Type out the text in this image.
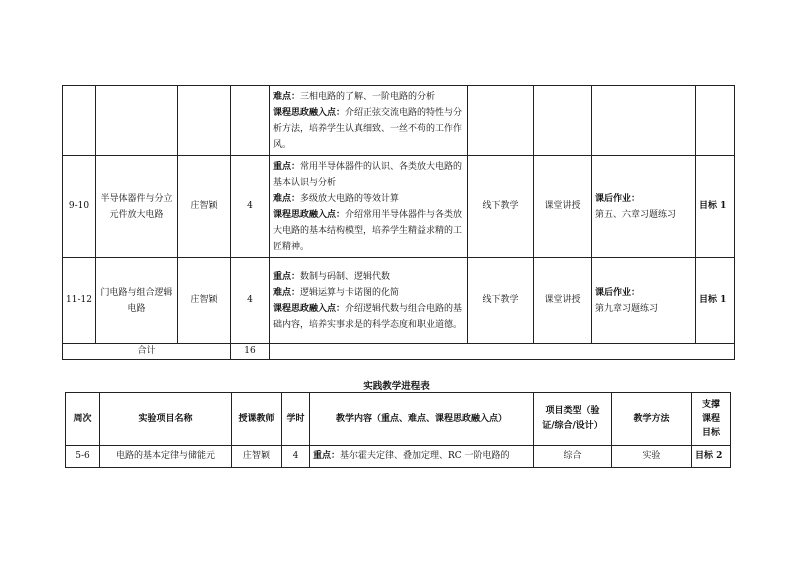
				难点：三相电路的了解、一阶电路的分析
课程思政融入点：介绍正弦交流电路的特性与分析方法，培养学生认真细致、一丝不苟的工作作风。				
9-10	半导体器件与分立元件放大电路	庄智颖	4	重点：常用半导体器件的认识、各类放大电路的基本认识与分析
难点：多级放大电路的等效计算
课程思政融入点：介绍常用半导体器件与各类放大电路的基本结构模型，培养学生精益求精的工匠精神。	线下教学	课堂讲授	课后作业：
第五、六章习题练习	目标 1
11-12	门电路与组合逻辑电路	庄智颖	4	重点：数制与码制、逻辑代数
难点：逻辑运算与卡诺图的化简
课程思政融入点：介绍逻辑代数与组合电路的基础内容，培养实事求是的科学态度和职业道德。	线下教学	课堂讲授	课后作业：
第九章习题练习	目标 1
合计			16					
实践教学进程表
周次	实验项目名称	授课教师	学时	教学内容（重点、难点、课程思政融入点）	项目类型（验证/综合/设计）	教学方法	支撑课程目标
5-6	电路的基本定律与储能元	庄智颖	4	重点：基尔霍夫定律、叠加定理、RC 一阶电路的	综合	实验	目标 2
